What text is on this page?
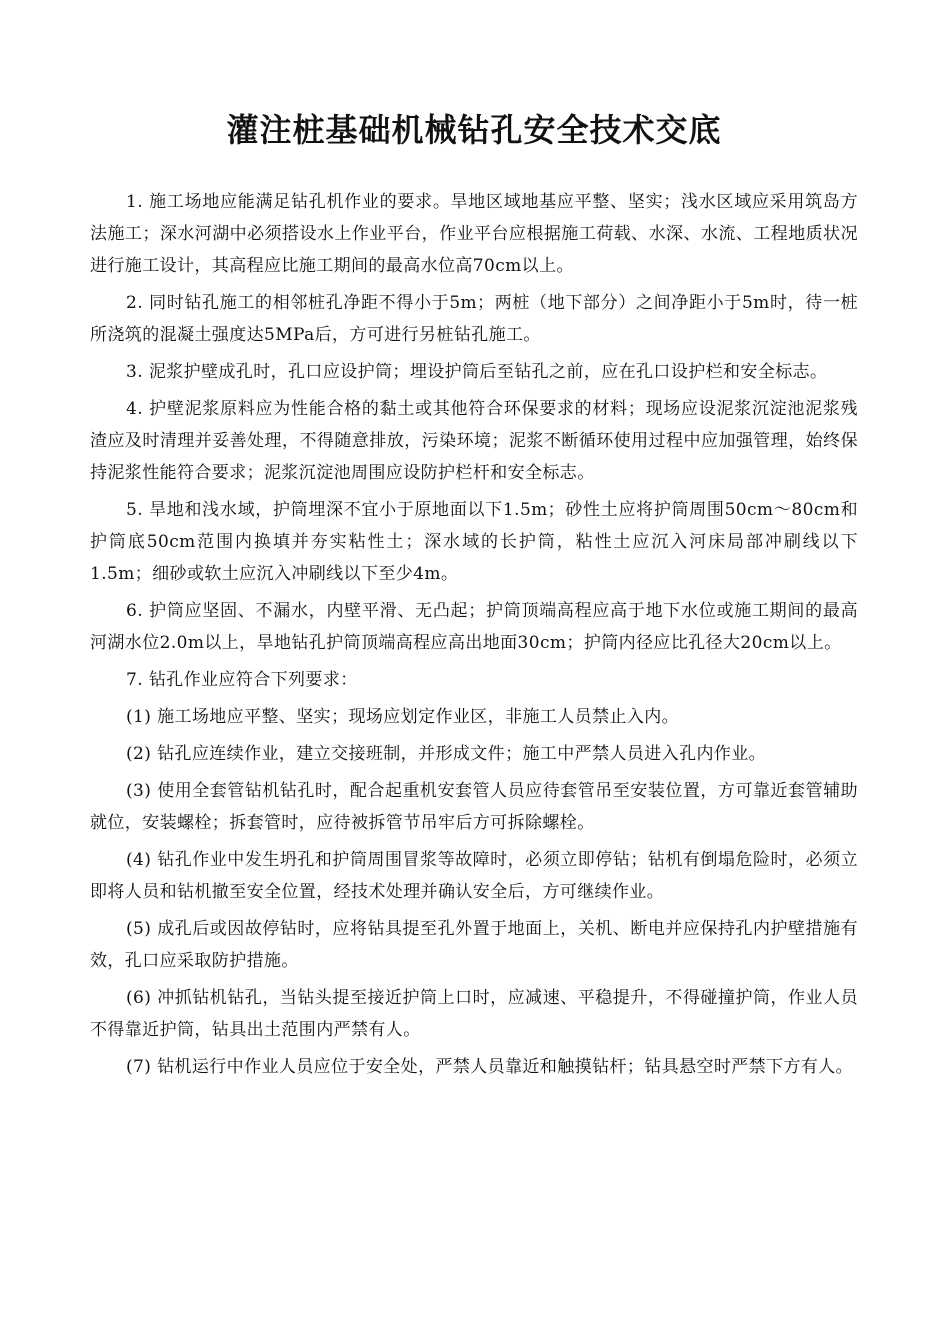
灌注桩基础机械钻孔安全技术交底

1. 施工场地应能满足钻孔机作业的要求。旱地区域地基应平整、坚实；浅水区域应采用筑岛方法施工；深水河湖中必须搭设水上作业平台，作业平台应根据施工荷载、水深、水流、工程地质状况进行施工设计，其高程应比施工期间的最高水位高70cm以上。

2. 同时钻孔施工的相邻桩孔净距不得小于5m；两桩（地下部分）之间净距小于5m时，待一桩所浇筑的混凝土强度达5MPa后，方可进行另桩钻孔施工。

3. 泥浆护壁成孔时，孔口应设护筒；埋设护筒后至钻孔之前，应在孔口设护栏和安全标志。

4. 护壁泥浆原料应为性能合格的黏土或其他符合环保要求的材料；现场应设泥浆沉淀池泥浆残渣应及时清理并妥善处理，不得随意排放，污染环境；泥浆不断循环使用过程中应加强管理，始终保持泥浆性能符合要求；泥浆沉淀池周围应设防护栏杆和安全标志。

5. 旱地和浅水域，护筒埋深不宜小于原地面以下1.5m；砂性土应将护筒周围50cm～80cm和护筒底50cm范围内换填并夯实粘性土；深水域的长护筒，粘性土应沉入河床局部冲刷线以下1.5m；细砂或软土应沉入冲刷线以下至少4m。

6. 护筒应坚固、不漏水，内壁平滑、无凸起；护筒顶端高程应高于地下水位或施工期间的最高河湖水位2.0m以上，旱地钻孔护筒顶端高程应高出地面30cm；护筒内径应比孔径大20cm以上。

7. 钻孔作业应符合下列要求：

(1) 施工场地应平整、坚实；现场应划定作业区，非施工人员禁止入内。

(2) 钻孔应连续作业，建立交接班制，并形成文件；施工中严禁人员进入孔内作业。

(3) 使用全套管钻机钻孔时，配合起重机安套管人员应待套管吊至安装位置，方可靠近套管辅助就位，安装螺栓；拆套管时，应待被拆管节吊牢后方可拆除螺栓。

(4) 钻孔作业中发生坍孔和护筒周围冒浆等故障时，必须立即停钻；钻机有倒塌危险时，必须立即将人员和钻机撤至安全位置，经技术处理并确认安全后，方可继续作业。

(5) 成孔后或因故停钻时，应将钻具提至孔外置于地面上，关机、断电并应保持孔内护壁措施有效，孔口应采取防护措施。

(6) 冲抓钻机钻孔，当钻头提至接近护筒上口时，应减速、平稳提升，不得碰撞护筒，作业人员不得靠近护筒，钻具出土范围内严禁有人。

(7) 钻机运行中作业人员应位于安全处，严禁人员靠近和触摸钻杆；钻具悬空时严禁下方有人。
